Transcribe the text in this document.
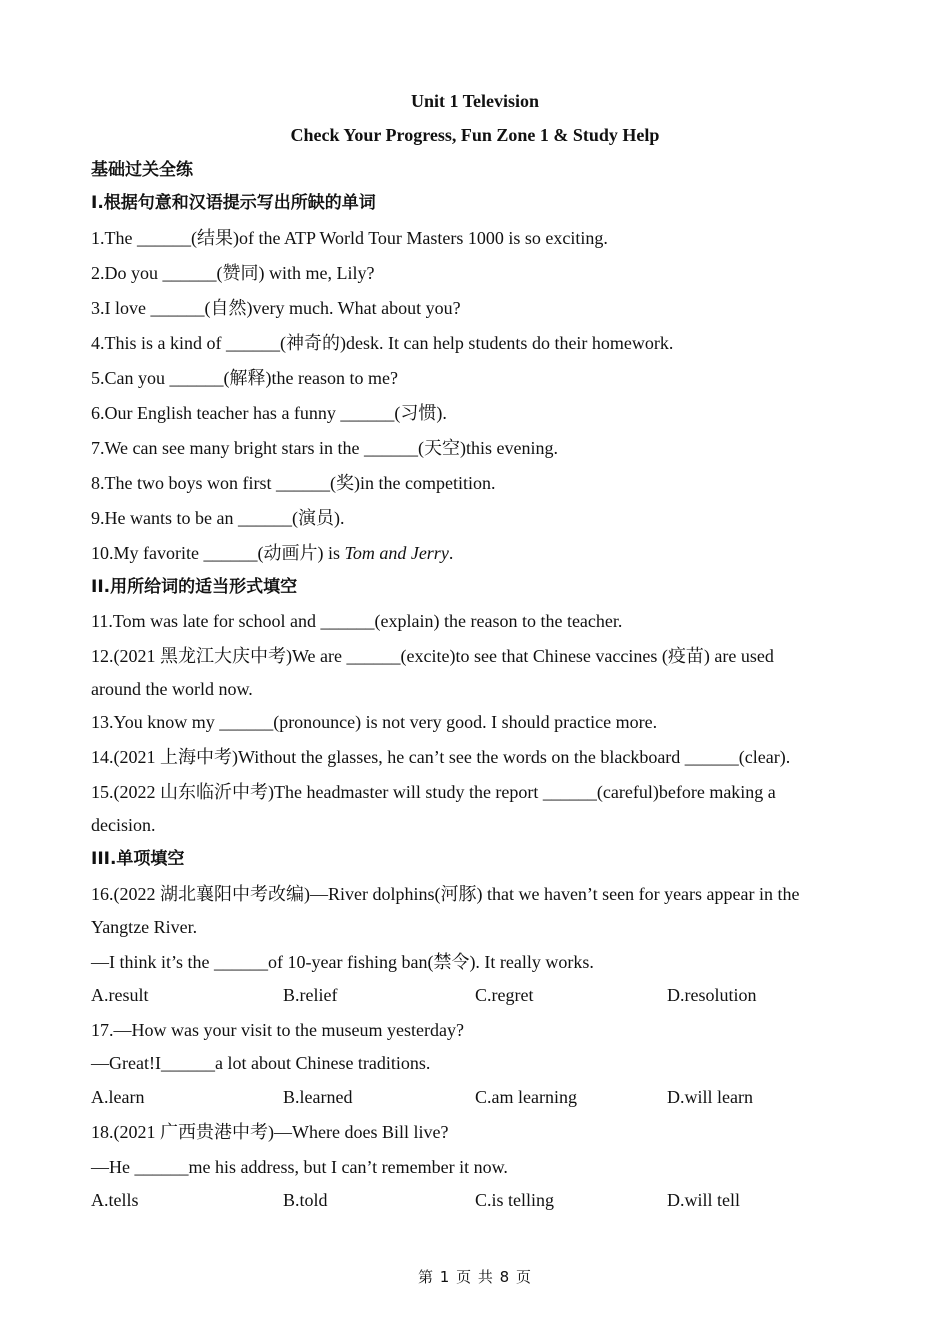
Unit 1 Television
Check Your Progress, Fun Zone 1 & Study Help
基础过关全练
I.根据句意和汉语提示写出所缺的单词
1.The ______(结果)of the ATP World Tour Masters 1000 is so exciting.
2.Do you ______(赞同) with me, Lily?
3.I love ______(自然)very much. What about you?
4.This is a kind of ______(神奇的)desk. It can help students do their homework.
5.Can you ______(解释)the reason to me?
6.Our English teacher has a funny ______(习惯).
7.We can see many bright stars in the ______(天空)this evening.
8.The two boys won first ______(奖)in the competition.
9.He wants to be an ______(演员).
10.My favorite ______(动画片) is Tom and Jerry.
II.用所给词的适当形式填空
11.Tom was late for school and ______(explain) the reason to the teacher.
12.(2021 黑龙江大庆中考)We are ______(excite)to see that Chinese vaccines (疫苗) are used
around the world now.
13.You know my ______(pronounce) is not very good. I should practice more.
14.(2021 上海中考)Without the glasses, he can’t see the words on the blackboard ______(clear).
15.(2022 山东临沂中考)The headmaster will study the report ______(careful)before making a
decision.
III.单项填空
16.(2022 湖北襄阳中考改编)—River dolphins(河豚) that we haven’t seen for years appear in the
Yangtze River.
—I think it’s the ______of 10-year fishing ban(禁令). It really works.
A.result	B.relief	C.regret	D.resolution
17.—How was your visit to the museum yesterday?
—Great!I______a lot about Chinese traditions.
A.learn	B.learned	C.am learning	D.will learn
18.(2021 广西贵港中考)—Where does Bill live?
—He ______me his address, but I can’t remember it now.
A.tells	B.told	C.is telling	D.will tell
第 1 页 共 8 页
